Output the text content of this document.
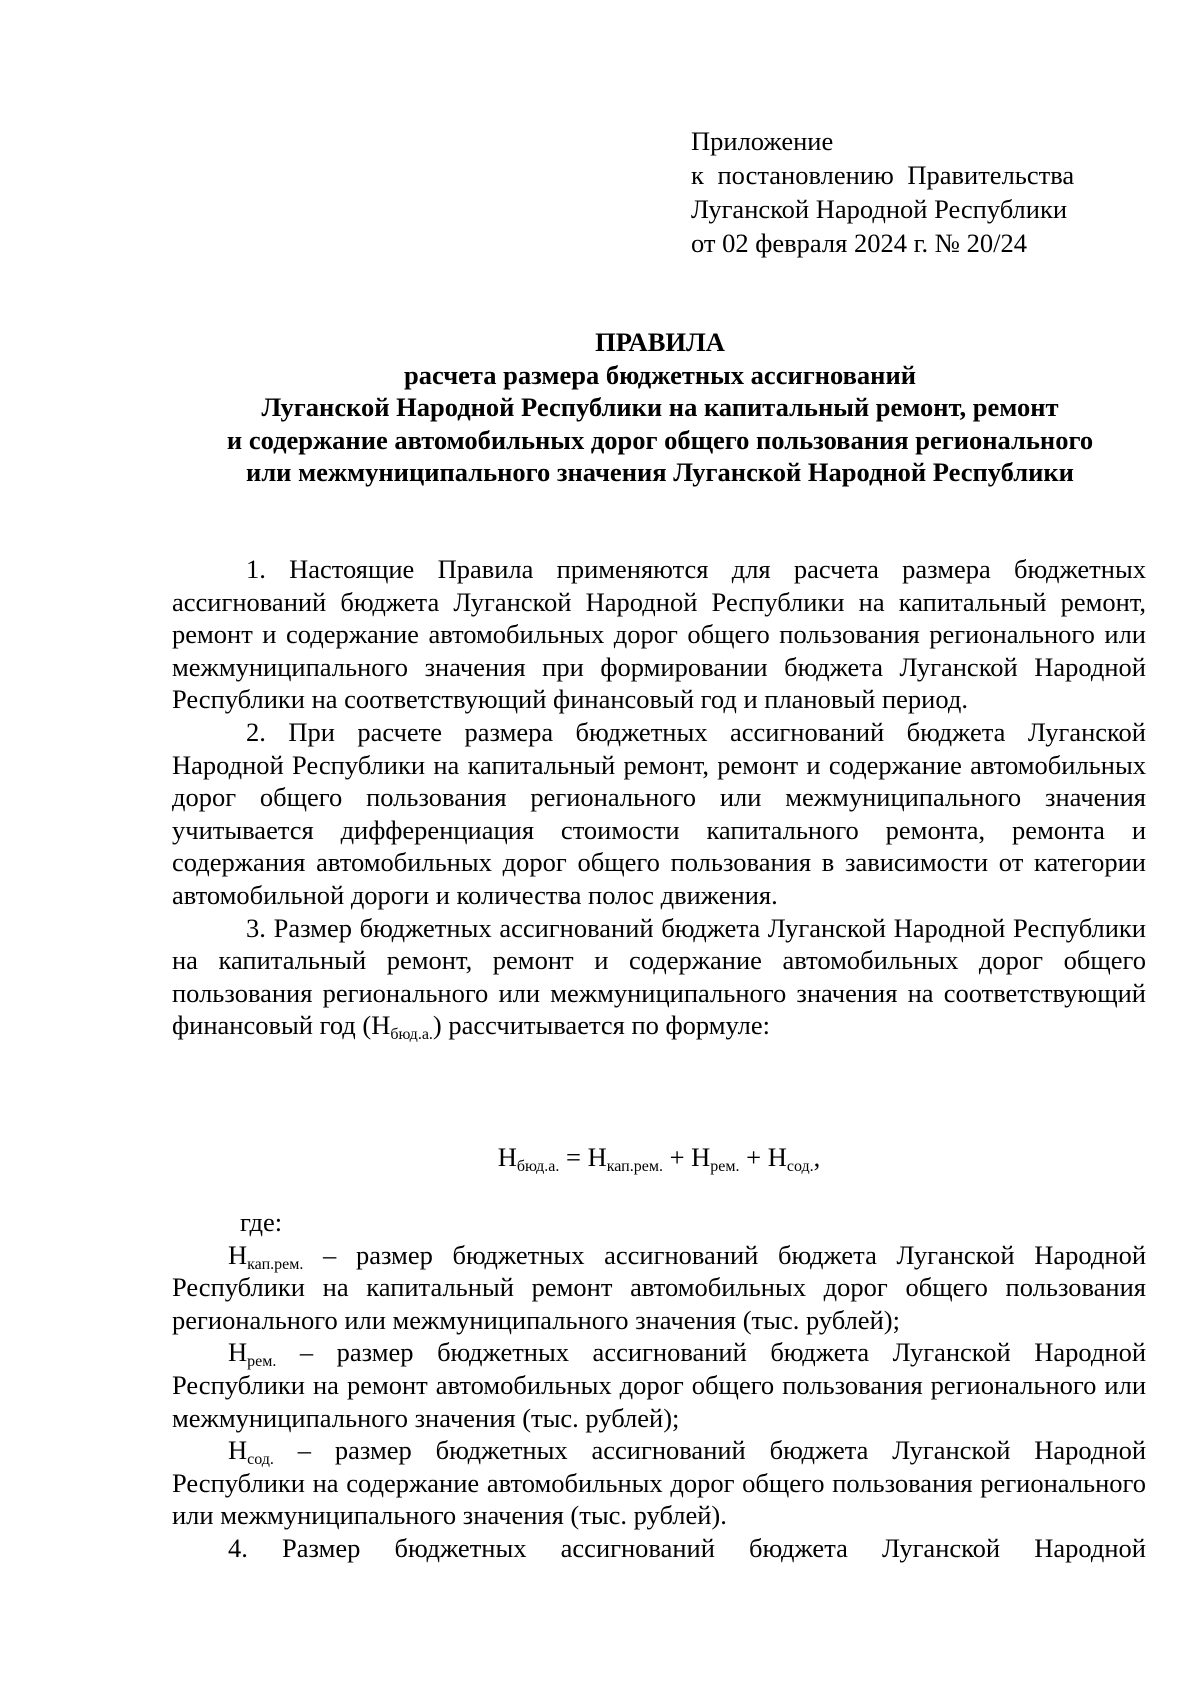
Приложение
к постановлению Правительства
Луганской Народной Республики
от 02 февраля 2024 г. № 20/24
ПРАВИЛА
расчета размера бюджетных ассигнований
Луганской Народной Республики на капитальный ремонт, ремонт
и содержание автомобильных дорог общего пользования регионального
или межмуниципального значения Луганской Народной Республики

1. Настоящие Правила применяются для расчета размера бюджетных ассигнований бюджета Луганской Народной Республики на капитальный ремонт, ремонт и содержание автомобильных дорог общего пользования регионального или межмуниципального значения при формировании бюджета Луганской Народной Республики на соответствующий финансовый год и плановый период.

2. При расчете размера бюджетных ассигнований бюджета Луганской Народной Республики на капитальный ремонт, ремонт и содержание автомобильных дорог общего пользования регионального или межмуниципального значения учитывается дифференциация стоимости капитального ремонта, ремонта и содержания автомобильных дорог общего пользования в зависимости от категории автомобильной дороги и количества полос движения.

3. Размер бюджетных ассигнований бюджета Луганской Народной Республики на капитальный ремонт, ремонт и содержание автомобильных дорог общего пользования регионального или межмуниципального значения на соответствующий финансовый год $(Н_{бюд.а.})$ рассчитывается по формуле:

$Н_{бюд.а.} = Н_{кап.рем.} + Н_{рем.} + Н_{сод.}$,

где:

$Н_{кап.рем.}$ – размер бюджетных ассигнований бюджета Луганской Народной Республики на капитальный ремонт автомобильных дорог общего пользования регионального или межмуниципального значения (тыс. рублей);

$Н_{рем.}$ – размер бюджетных ассигнований бюджета Луганской Народной Республики на ремонт автомобильных дорог общего пользования регионального или межмуниципального значения (тыс. рублей);

$Н_{сод.}$ – размер бюджетных ассигнований бюджета Луганской Народной Республики на содержание автомобильных дорог общего пользования регионального или межмуниципального значения (тыс. рублей).

4. Размер бюджетных ассигнований бюджета Луганской Народной
